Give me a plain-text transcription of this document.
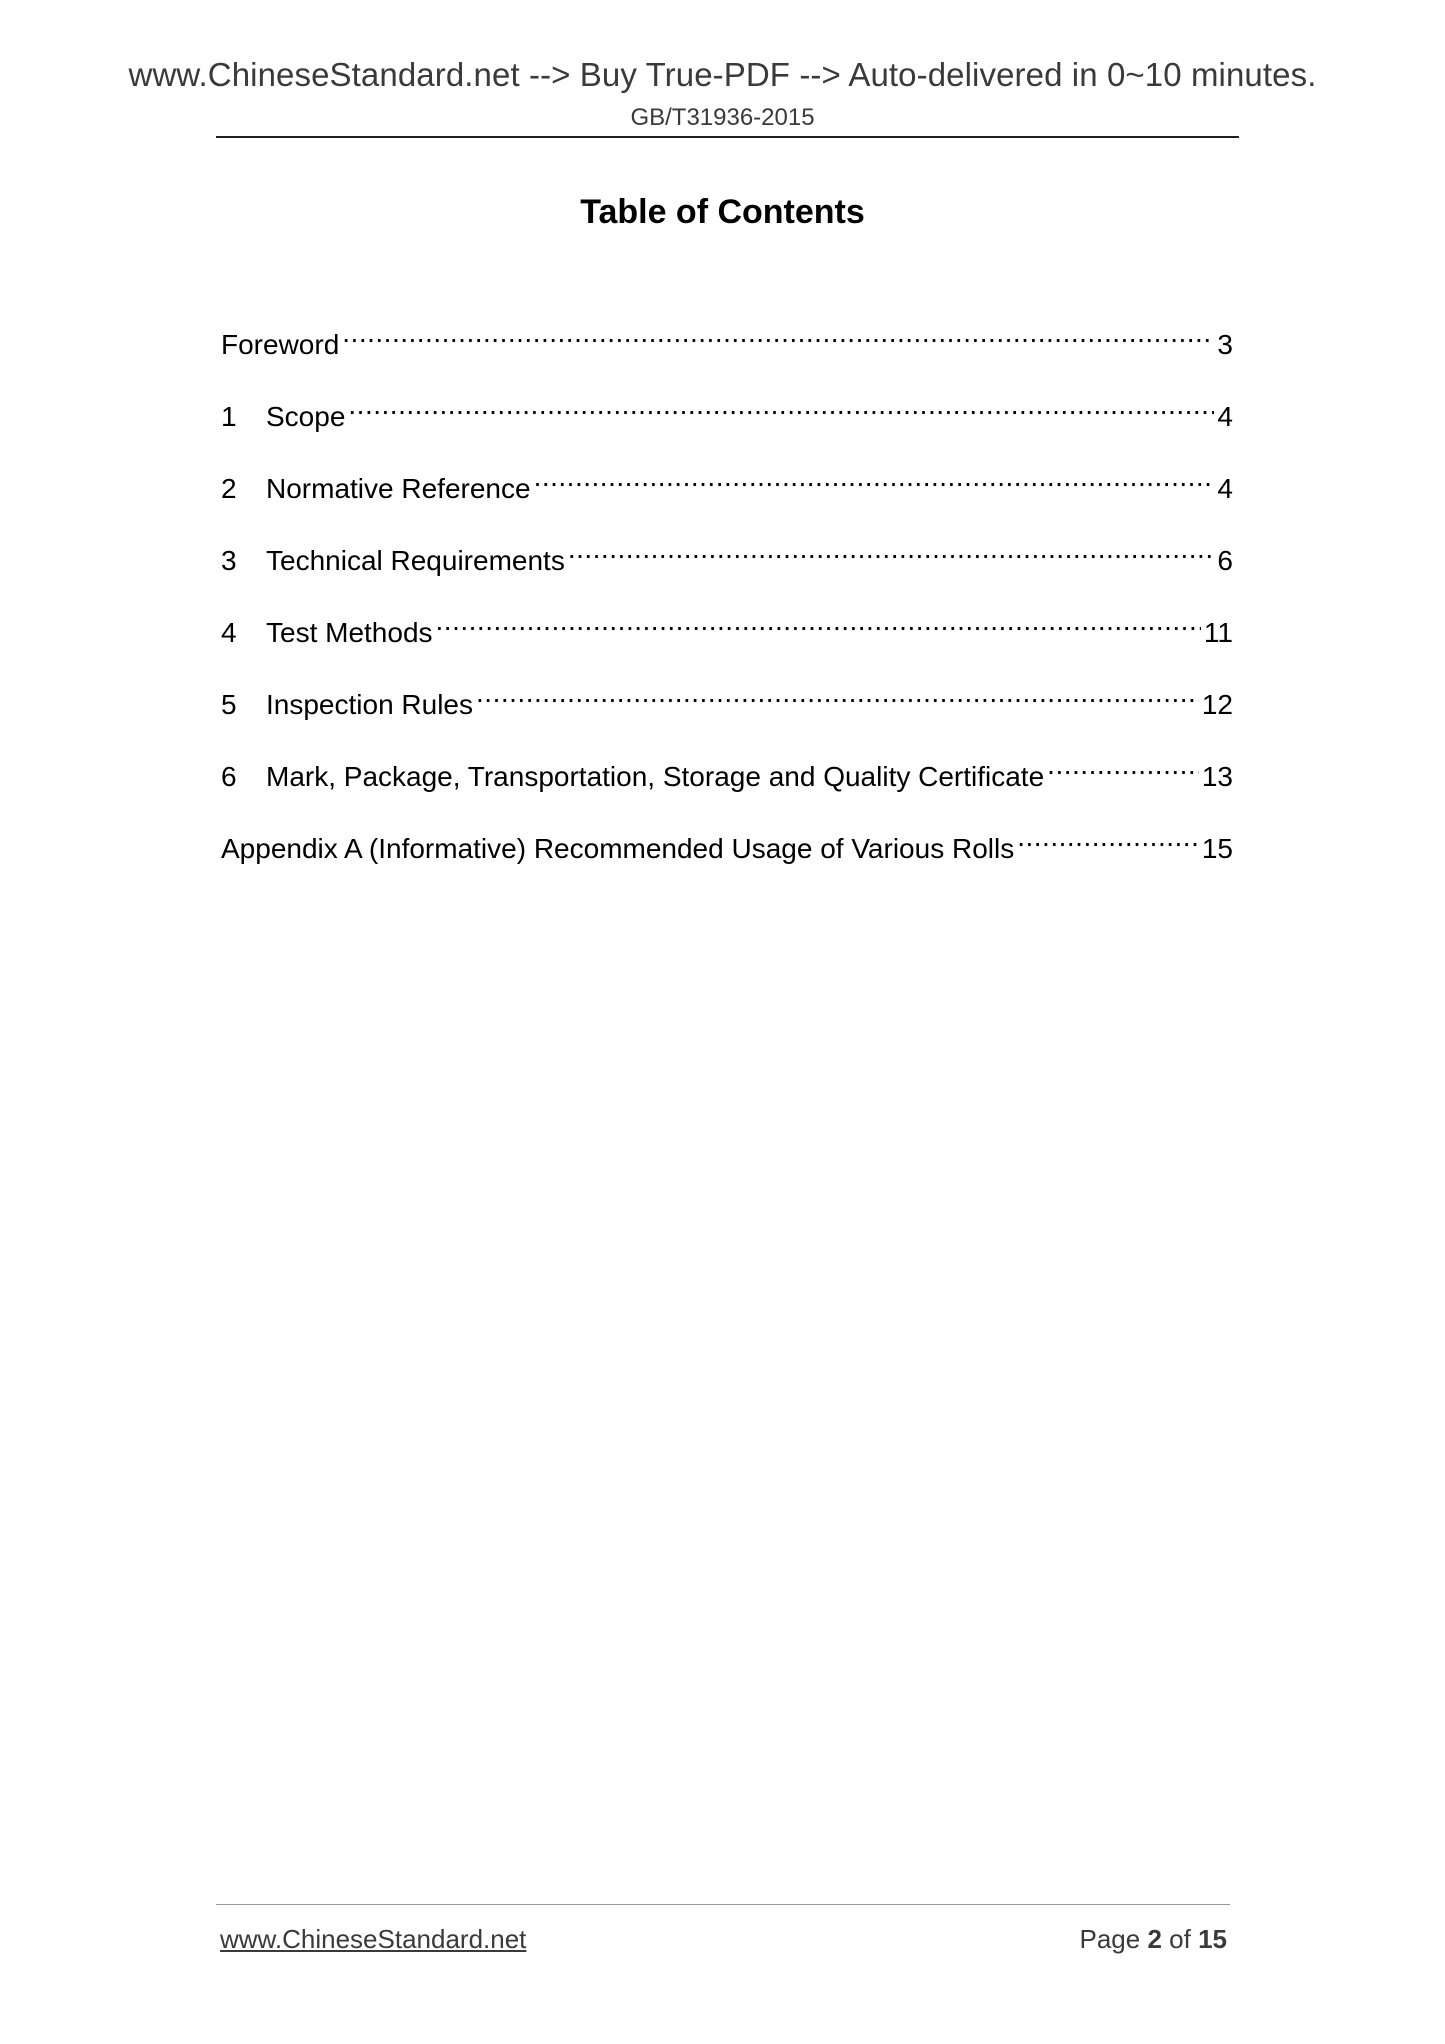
www.ChineseStandard.net --> Buy True-PDF --> Auto-delivered in 0~10 minutes.
GB/T31936-2015
Table of Contents
Foreword .....	3
1	Scope .....	4
2	Normative Reference .....	4
3	Technical Requirements .....	6
4	Test Methods .....	11
5	Inspection Rules .....	12
6	Mark, Package, Transportation, Storage and Quality Certificate .....	13
Appendix A (Informative) Recommended Usage of Various Rolls .....	15
www.ChineseStandard.net	Page 2 of 15
